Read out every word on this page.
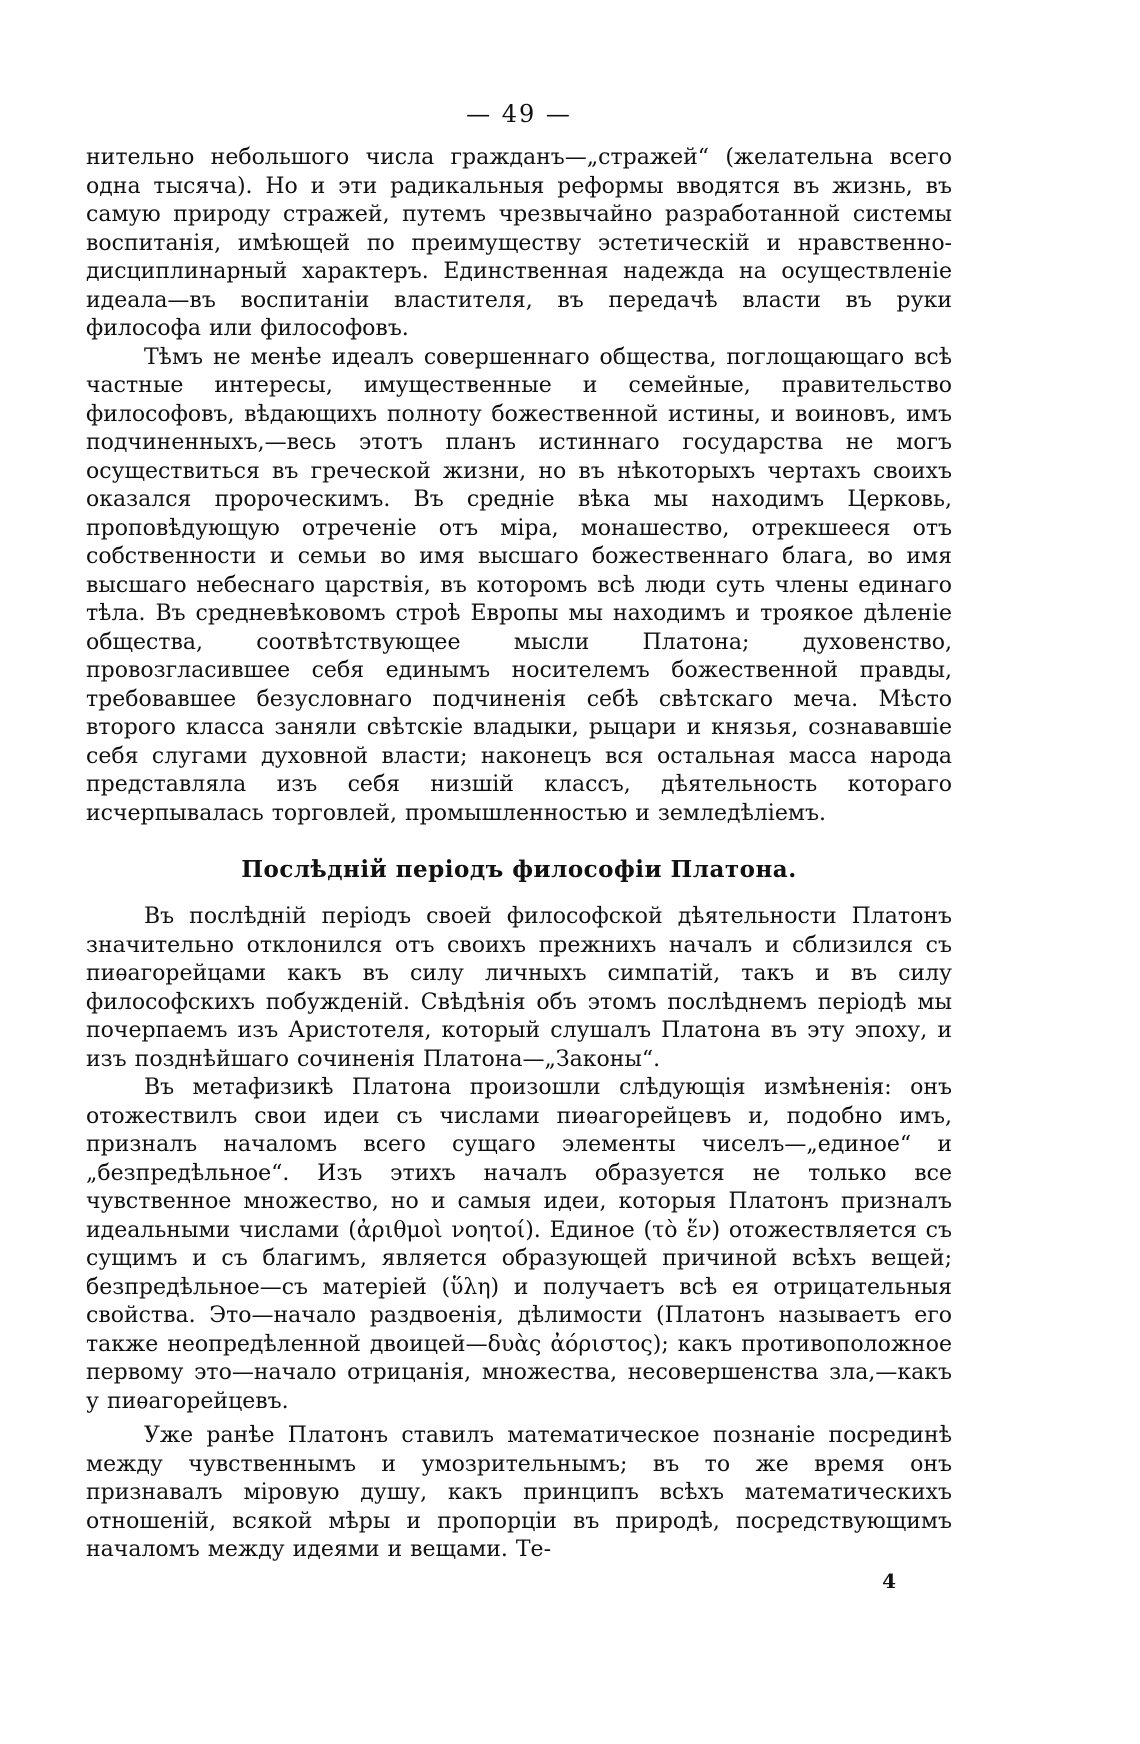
— 49 —

нительно небольшого числа гражданъ—„стражей“ (желательна всего одна тысяча). Но и эти радикальныя реформы вводятся въ жизнь, въ самую природу стражей, путемъ чрезвычайно разработанной системы воспитанія, имѣющей по преимуществу эстетическій и нравственно-дисциплинарный характеръ. Единственная надежда на осуществленіе идеала—въ воспитаніи властителя, въ передачѣ власти въ руки философа или философовъ.

Тѣмъ не менѣе идеалъ совершеннаго общества, поглощающаго всѣ частные интересы, имущественные и семейные, правительство философовъ, вѣдающихъ полноту божественной истины, и воиновъ, имъ подчиненныхъ,—весь этотъ планъ истиннаго государства не могъ осуществиться въ греческой жизни, но въ нѣкоторыхъ чертахъ своихъ оказался пророческимъ. Въ средніе вѣка мы находимъ Церковь, проповѣдующую отреченіе отъ міра, монашество, отрекшееся отъ собственности и семьи во имя высшаго божественнаго блага, во имя высшаго небеснаго царствія, въ которомъ всѣ люди суть члены единаго тѣла. Въ средневѣковомъ строѣ Европы мы находимъ и троякое дѣленіе общества, соотвѣтствующее мысли Платона; духовенство, провозгласившее себя единымъ носителемъ божественной правды, требовавшее безусловнаго подчиненія себѣ свѣтскаго меча. Мѣсто второго класса заняли свѣтскіе владыки, рыцари и князья, сознававшіе себя слугами духовной власти; наконецъ вся остальная масса народа представляла изъ себя низшій классъ, дѣятельность котораго исчерпывалась торговлей, промышленностью и земледѣліемъ.

Послѣдній періодъ философіи Платона.

Въ послѣдній періодъ своей философской дѣятельности Платонъ значительно отклонился отъ своихъ прежнихъ началъ и сблизился съ пиѳагорейцами какъ въ силу личныхъ симпатій, такъ и въ силу философскихъ побужденій. Свѣдѣнія объ этомъ послѣднемъ періодѣ мы почерпаемъ изъ Аристотеля, который слушалъ Платона въ эту эпоху, и изъ позднѣйшаго сочиненія Платона—„Законы“.

Въ метафизикѣ Платона произошли слѣдующія измѣненія: онъ отожествилъ свои идеи съ числами пиѳагорейцевъ и, подобно имъ, призналъ началомъ всего сущаго элементы чиселъ—„единое“ и „безпредѣльное“. Изъ этихъ началъ образуется не только все чувственное множество, но и самыя идеи, которыя Платонъ призналъ идеальными числами (ἀριθμοὶ νοητοί). Единое (τὸ ἕν) отожествляется съ сущимъ и съ благимъ, является образующей причиной всѣхъ вещей; безпредѣльное—съ матеріей (ὕλη) и получаетъ всѣ ея отрицательныя свойства. Это—начало раздвоенія, дѣлимости (Платонъ называетъ его также неопредѣленной двоицей—δυὰς ἀόριστος); какъ противоположное первому это—начало отрицанія, множества, несовершенства зла,—какъ у пиѳагорейцевъ.

Уже ранѣе Платонъ ставилъ математическое познаніе посрединѣ между чувственнымъ и умозрительнымъ; въ то же время онъ признавалъ міровую душу, какъ принципъ всѣхъ математическихъ отношеній, всякой мѣры и пропорціи въ природѣ, посредствующимъ началомъ между идеями и вещами. Те-

4
